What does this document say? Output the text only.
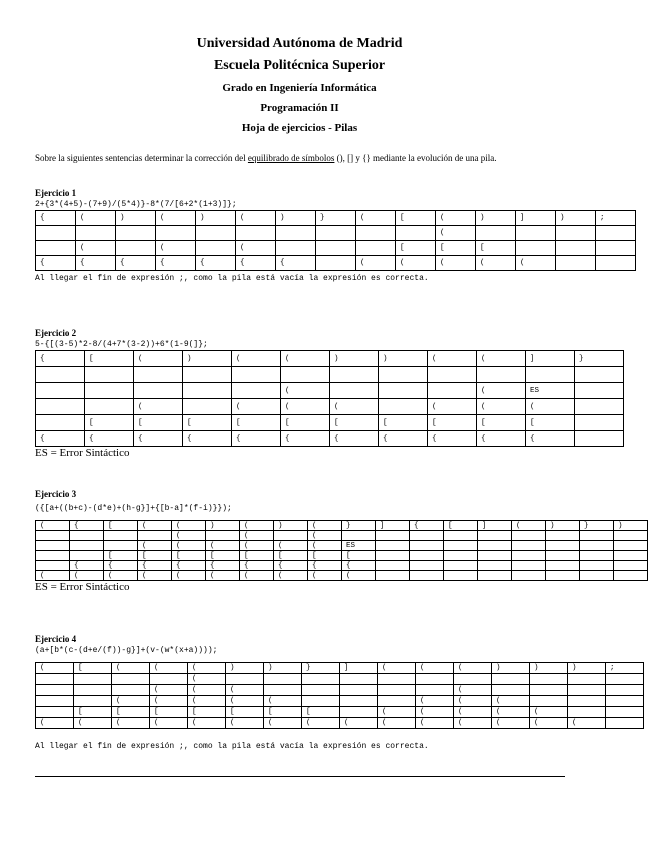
Universidad Autónoma de Madrid
Escuela Politécnica Superior
Grado en Ingeniería Informática
Programación II
Hoja de ejercicios - Pilas
Sobre la siguientes sentencias determinar la corrección del equilibrado de símbolos (), [] y {} mediante la evolución de una pila.
Ejercicio 1
2+{3*(4+5)-(7+9)/(5*4)}-8*(7/[6+2*(1+3)]};
{	(	)	(	)	(	)	}	(	[	(	)	]	)	;
										(				
	(		(		(				[	[	[			
{	{	{	{	{	{	{		(	(	(	(	(		
Al llegar el fin de expresión ;, como la pila está vacía la expresión es correcta.
Ejercicio 2
5-{[(3-5)*2-8/(4+7*(3-2))+6*(1-9(]};
{	[	(	)	(	(	)	)	(	(	]	}

					(				(	ES	
		(		(	(	(		(	(	(	
	[	[	[	[	[	[	[	[	[	[	
{	{	{	{	{	{	{	{	{	{	{	
ES = Error Sintáctico
Ejercicio 3
({[a+((b+c)-(d*e)+(h-g}]+{[b-a]*(f-i)}});
(	{	[	(	(	)	(	)	(	}	]	{	[	]	(	)	}	)
				(		(		(									
			(	(	(	(	(	(	ES								
		[	[	[	[	[	[	[	[								
	{	{	{	{	{	{	{	{	{								
(	(	(	(	(	(	(	(	(	(								
ES = Error Sintáctico
Ejercicio 4
(a+[b*(c-(d+e/(f))-g}]+(v-(w*(x+a))));
(	[	(	(	(	)	)	}	]	(	(	(	)	)	)	;
				(											
			(	(	(						(				
		(	(	(	(	(				(	(	(			
	[	[	[	[	[	[	[		(	(	(	(	(		
(	(	(	(	(	(	(	(	(	(	(	(	(	(	(	
Al llegar el fin de expresión ;, como la pila está vacía la expresión es correcta.
